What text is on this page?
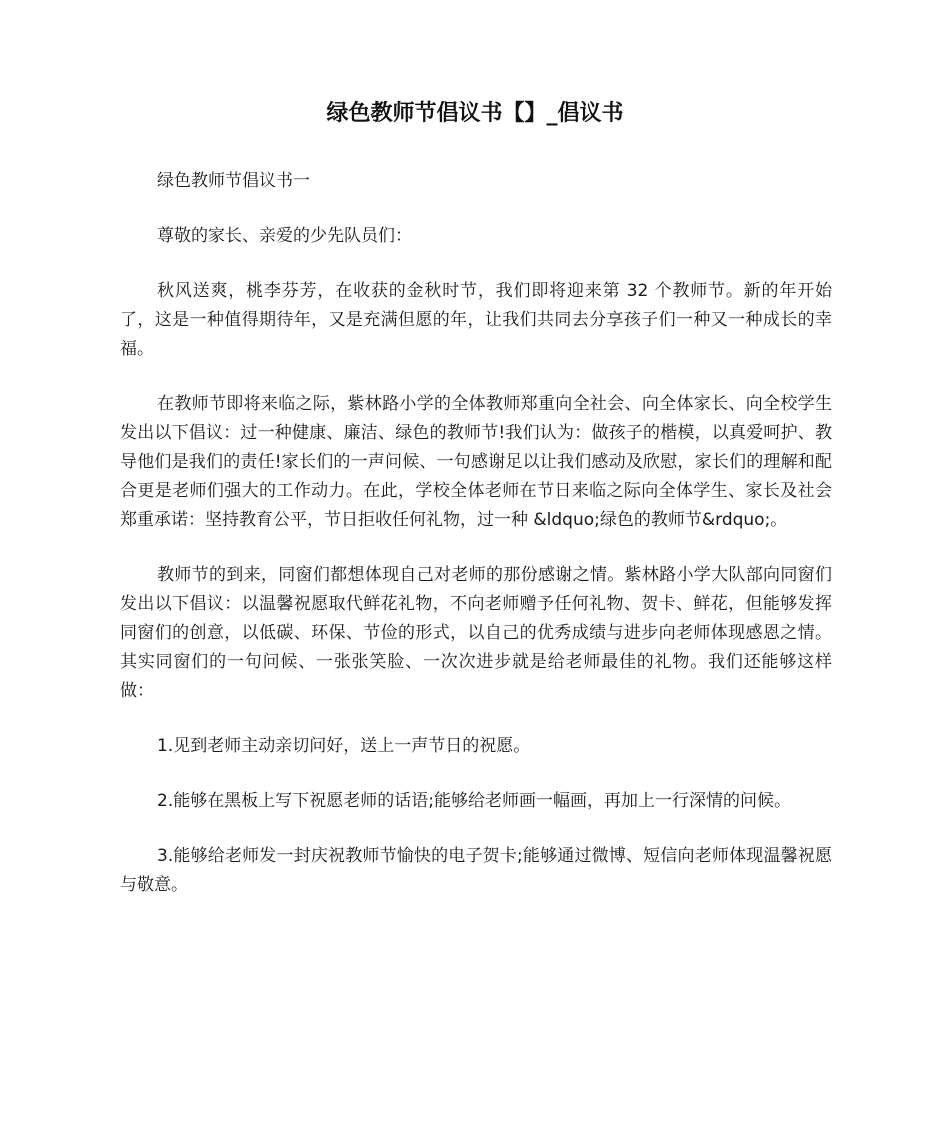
绿色教师节倡议书【】_倡议书

绿色教师节倡议书一

尊敬的家长、亲爱的少先队员们：

秋风送爽，桃李芬芳，在收获的金秋时节，我们即将迎来第 32 个教师节。新的年开始了，这是一种值得期待年，又是充满但愿的年，让我们共同去分享孩子们一种又一种成长的幸福。

在教师节即将来临之际，紫林路小学的全体教师郑重向全社会、向全体家长、向全校学生发出以下倡议：过一种健康、廉洁、绿色的教师节!我们认为：做孩子的楷模，以真爱呵护、教导他们是我们的责任!家长们的一声问候、一句感谢足以让我们感动及欣慰，家长们的理解和配合更是老师们强大的工作动力。在此，学校全体老师在节日来临之际向全体学生、家长及社会郑重承诺：坚持教育公平，节日拒收任何礼物，过一种 &ldquo;绿色的教师节&rdquo;。

教师节的到来，同窗们都想体现自己对老师的那份感谢之情。紫林路小学大队部向同窗们发出以下倡议：以温馨祝愿取代鲜花礼物，不向老师赠予任何礼物、贺卡、鲜花，但能够发挥同窗们的创意，以低碳、环保、节俭的形式，以自己的优秀成绩与进步向老师体现感恩之情。其实同窗们的一句问候、一张张笑脸、一次次进步就是给老师最佳的礼物。我们还能够这样做：

1.见到老师主动亲切问好，送上一声节日的祝愿。

2.能够在黑板上写下祝愿老师的话语;能够给老师画一幅画，再加上一行深情的问候。

3.能够给老师发一封庆祝教师节愉快的电子贺卡;能够通过微博、短信向老师体现温馨祝愿与敬意。
